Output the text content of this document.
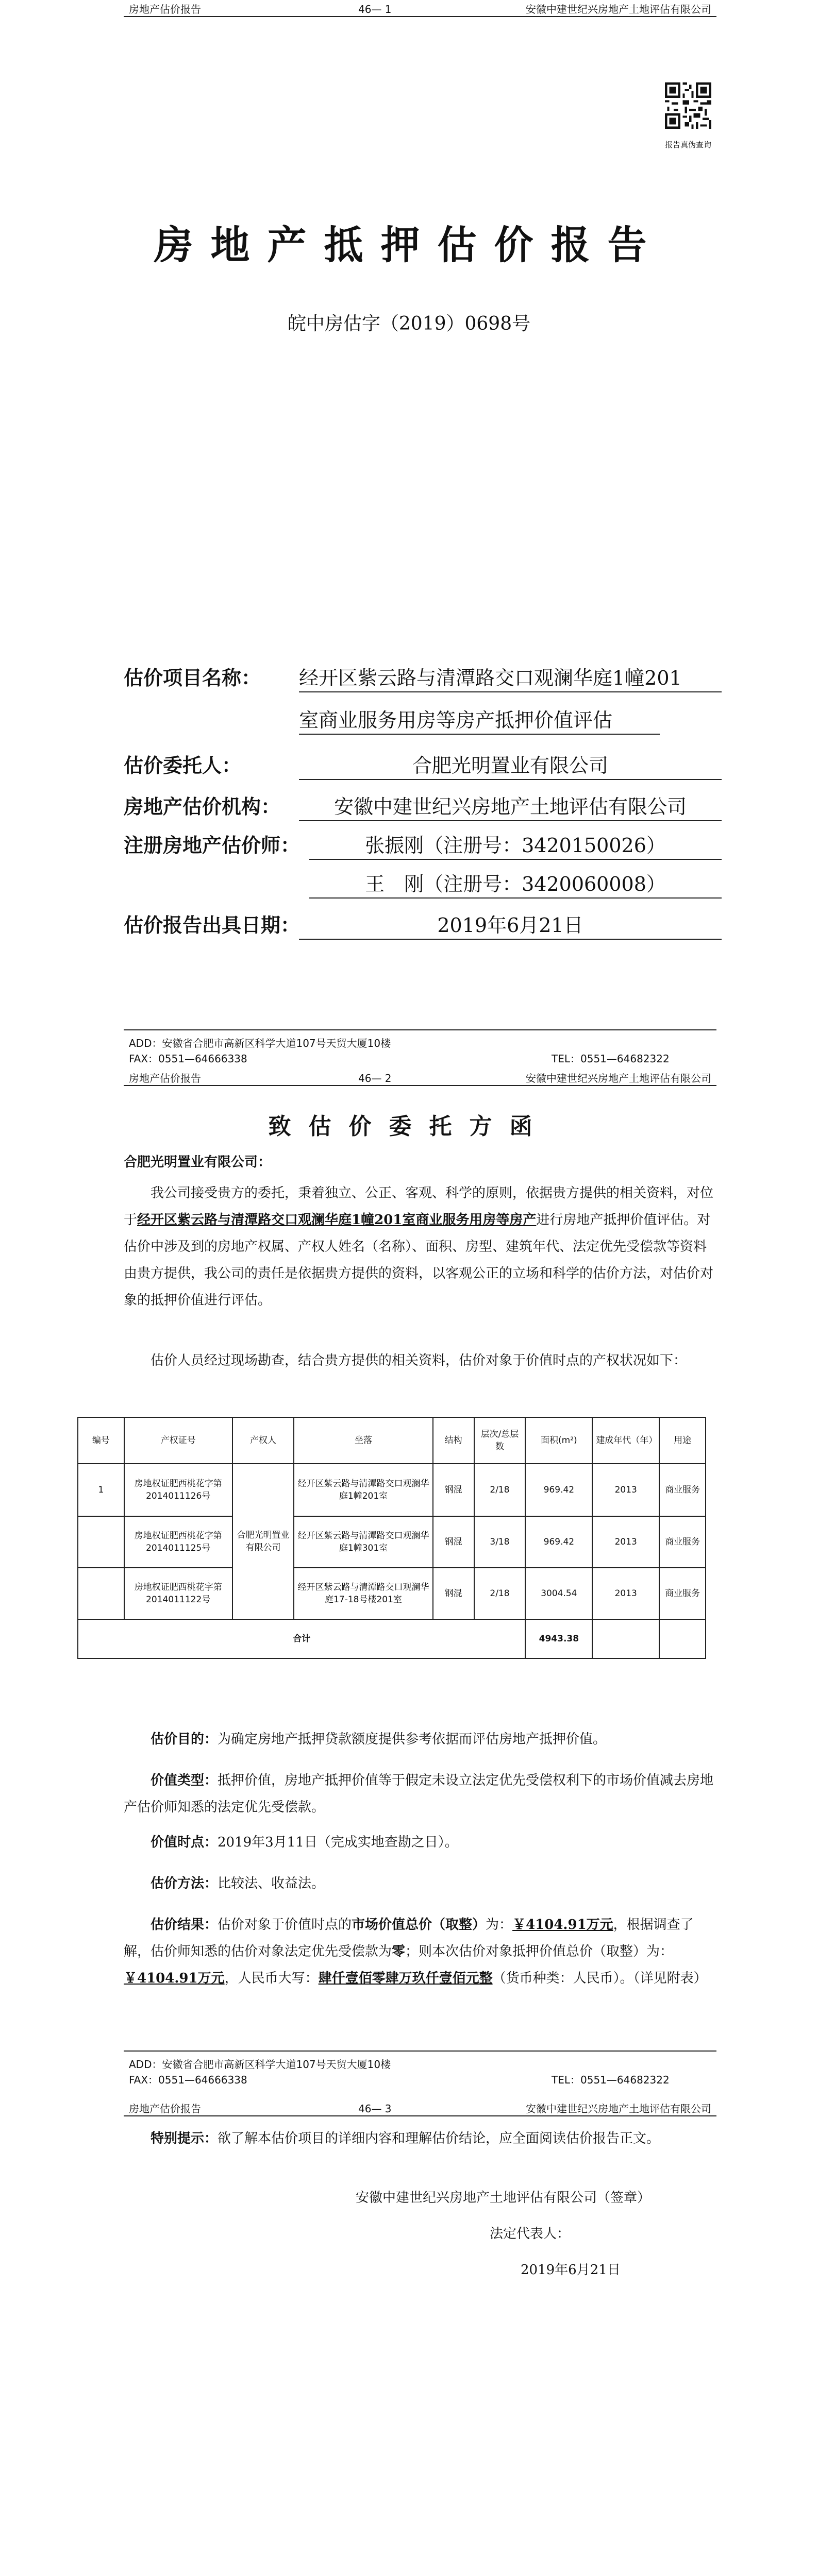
房地产估价报告	46— 1	安徽中建世纪兴房地产土地评估有限公司
报告真伪查询
房地产抵押估价报告
皖中房估字（2019）0698号
估价项目名称： 经开区紫云路与清潭路交口观澜华庭1幢201
室商业服务用房等房产抵押价值评估
估价委托人：	合肥光明置业有限公司
房地产估价机构：	安徽中建世纪兴房地产土地评估有限公司
注册房地产估价师：	张振刚（注册号：3420150026）
王　刚（注册号：3420060008）
估价报告出具日期：	2019年6月21日
ADD：安徽省合肥市高新区科学大道107号天贸大厦10楼
FAX：0551—64666338	TEL：0551—64682322
房地产估价报告	46— 2	安徽中建世纪兴房地产土地评估有限公司
致估价委托方函
合肥光明置业有限公司：
我公司接受贵方的委托，秉着独立、公正、客观、科学的原则，依据贵方提供的相关资料，对位于经开区紫云路与清潭路交口观澜华庭1幢201室商业服务用房等房产进行房地产抵押价值评估。对估价中涉及到的房地产权属、产权人姓名（名称）、面积、房型、建筑年代、法定优先受偿款等资料由贵方提供，我公司的责任是依据贵方提供的资料，以客观公正的立场和科学的估价方法，对估价对象的抵押价值进行评估。
估价人员经过现场勘查，结合贵方提供的相关资料，估价对象于价值时点的产权状况如下：
编号	产权证号	产权人	坐落	结构	层次/总层数	面积(m²)	建成年代（年）	用途
1	房地权证肥西桃花字第2014011126号	合肥光明置业有限公司	经开区紫云路与清潭路交口观澜华庭1幢201室	钢混	2/18	969.42	2013	商业服务
	房地权证肥西桃花字第2014011125号		经开区紫云路与清潭路交口观澜华庭1幢301室	钢混	3/18	969.42	2013	商业服务
	房地权证肥西桃花字第2014011122号		经开区紫云路与清潭路交口观澜华庭17-18号楼201室	钢混	2/18	3004.54	2013	商业服务
合计						4943.38		
估价目的：为确定房地产抵押贷款额度提供参考依据而评估房地产抵押价值。
价值类型：抵押价值，房地产抵押价值等于假定未设立法定优先受偿权利下的市场价值减去房地产估价师知悉的法定优先受偿款。
价值时点：2019年3月11日（完成实地查勘之日）。
估价方法：比较法、收益法。
估价结果：估价对象于价值时点的市场价值总价（取整）为：￥4104.91万元，根据调查了解，估价师知悉的估价对象法定优先受偿款为零；则本次估价对象抵押价值总价（取整）为：￥4104.91万元，人民币大写：肆仟壹佰零肆万玖仟壹佰元整（货币种类：人民币）。（详见附表）
ADD：安徽省合肥市高新区科学大道107号天贸大厦10楼
FAX：0551—64666338	TEL：0551—64682322
房地产估价报告	46— 3	安徽中建世纪兴房地产土地评估有限公司
特别提示：欲了解本估价项目的详细内容和理解估价结论，应全面阅读估价报告正文。
安徽中建世纪兴房地产土地评估有限公司（签章）
法定代表人：
2019年6月21日
